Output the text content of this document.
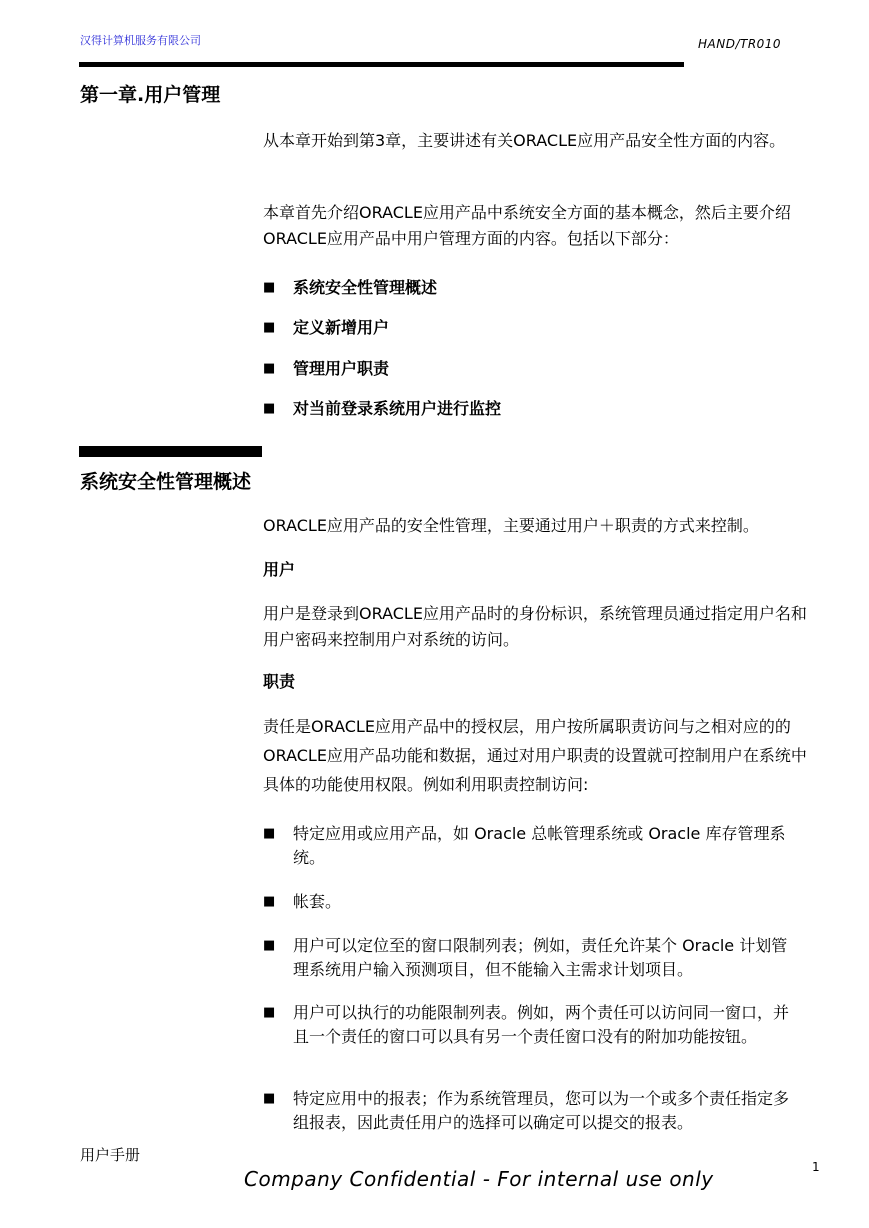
汉得计算机服务有限公司	HAND/TR010
第一章.用户管理

从本章开始到第3章，主要讲述有关ORACLE应用产品安全性方面的内容。

本章首先介绍ORACLE应用产品中系统安全方面的基本概念，然后主要介绍ORACLE应用产品中用户管理方面的内容。包括以下部分：

■ 系统安全性管理概述
■ 定义新增用户
■ 管理用户职责
■ 对当前登录系统用户进行监控
系统安全性管理概述

ORACLE应用产品的安全性管理，主要通过用户＋职责的方式来控制。

用户

用户是登录到ORACLE应用产品时的身份标识，系统管理员通过指定用户名和用户密码来控制用户对系统的访问。

职责

责任是ORACLE应用产品中的授权层，用户按所属职责访问与之相对应的的ORACLE应用产品功能和数据，通过对用户职责的设置就可控制用户在系统中具体的功能使用权限。例如利用职责控制访问:

■ 特定应用或应用产品，如 Oracle 总帐管理系统或 Oracle 库存管理系统。
■ 帐套。
■ 用户可以定位至的窗口限制列表；例如，责任允许某个 Oracle 计划管理系统用户输入预测项目，但不能输入主需求计划项目。
■ 用户可以执行的功能限制列表。例如，两个责任可以访问同一窗口，并且一个责任的窗口可以具有另一个责任窗口没有的附加功能按钮。
■ 特定应用中的报表；作为系统管理员，您可以为一个或多个责任指定多组报表，因此责任用户的选择可以确定可以提交的报表。
用户手册
1
Company Confidential - For internal use only
